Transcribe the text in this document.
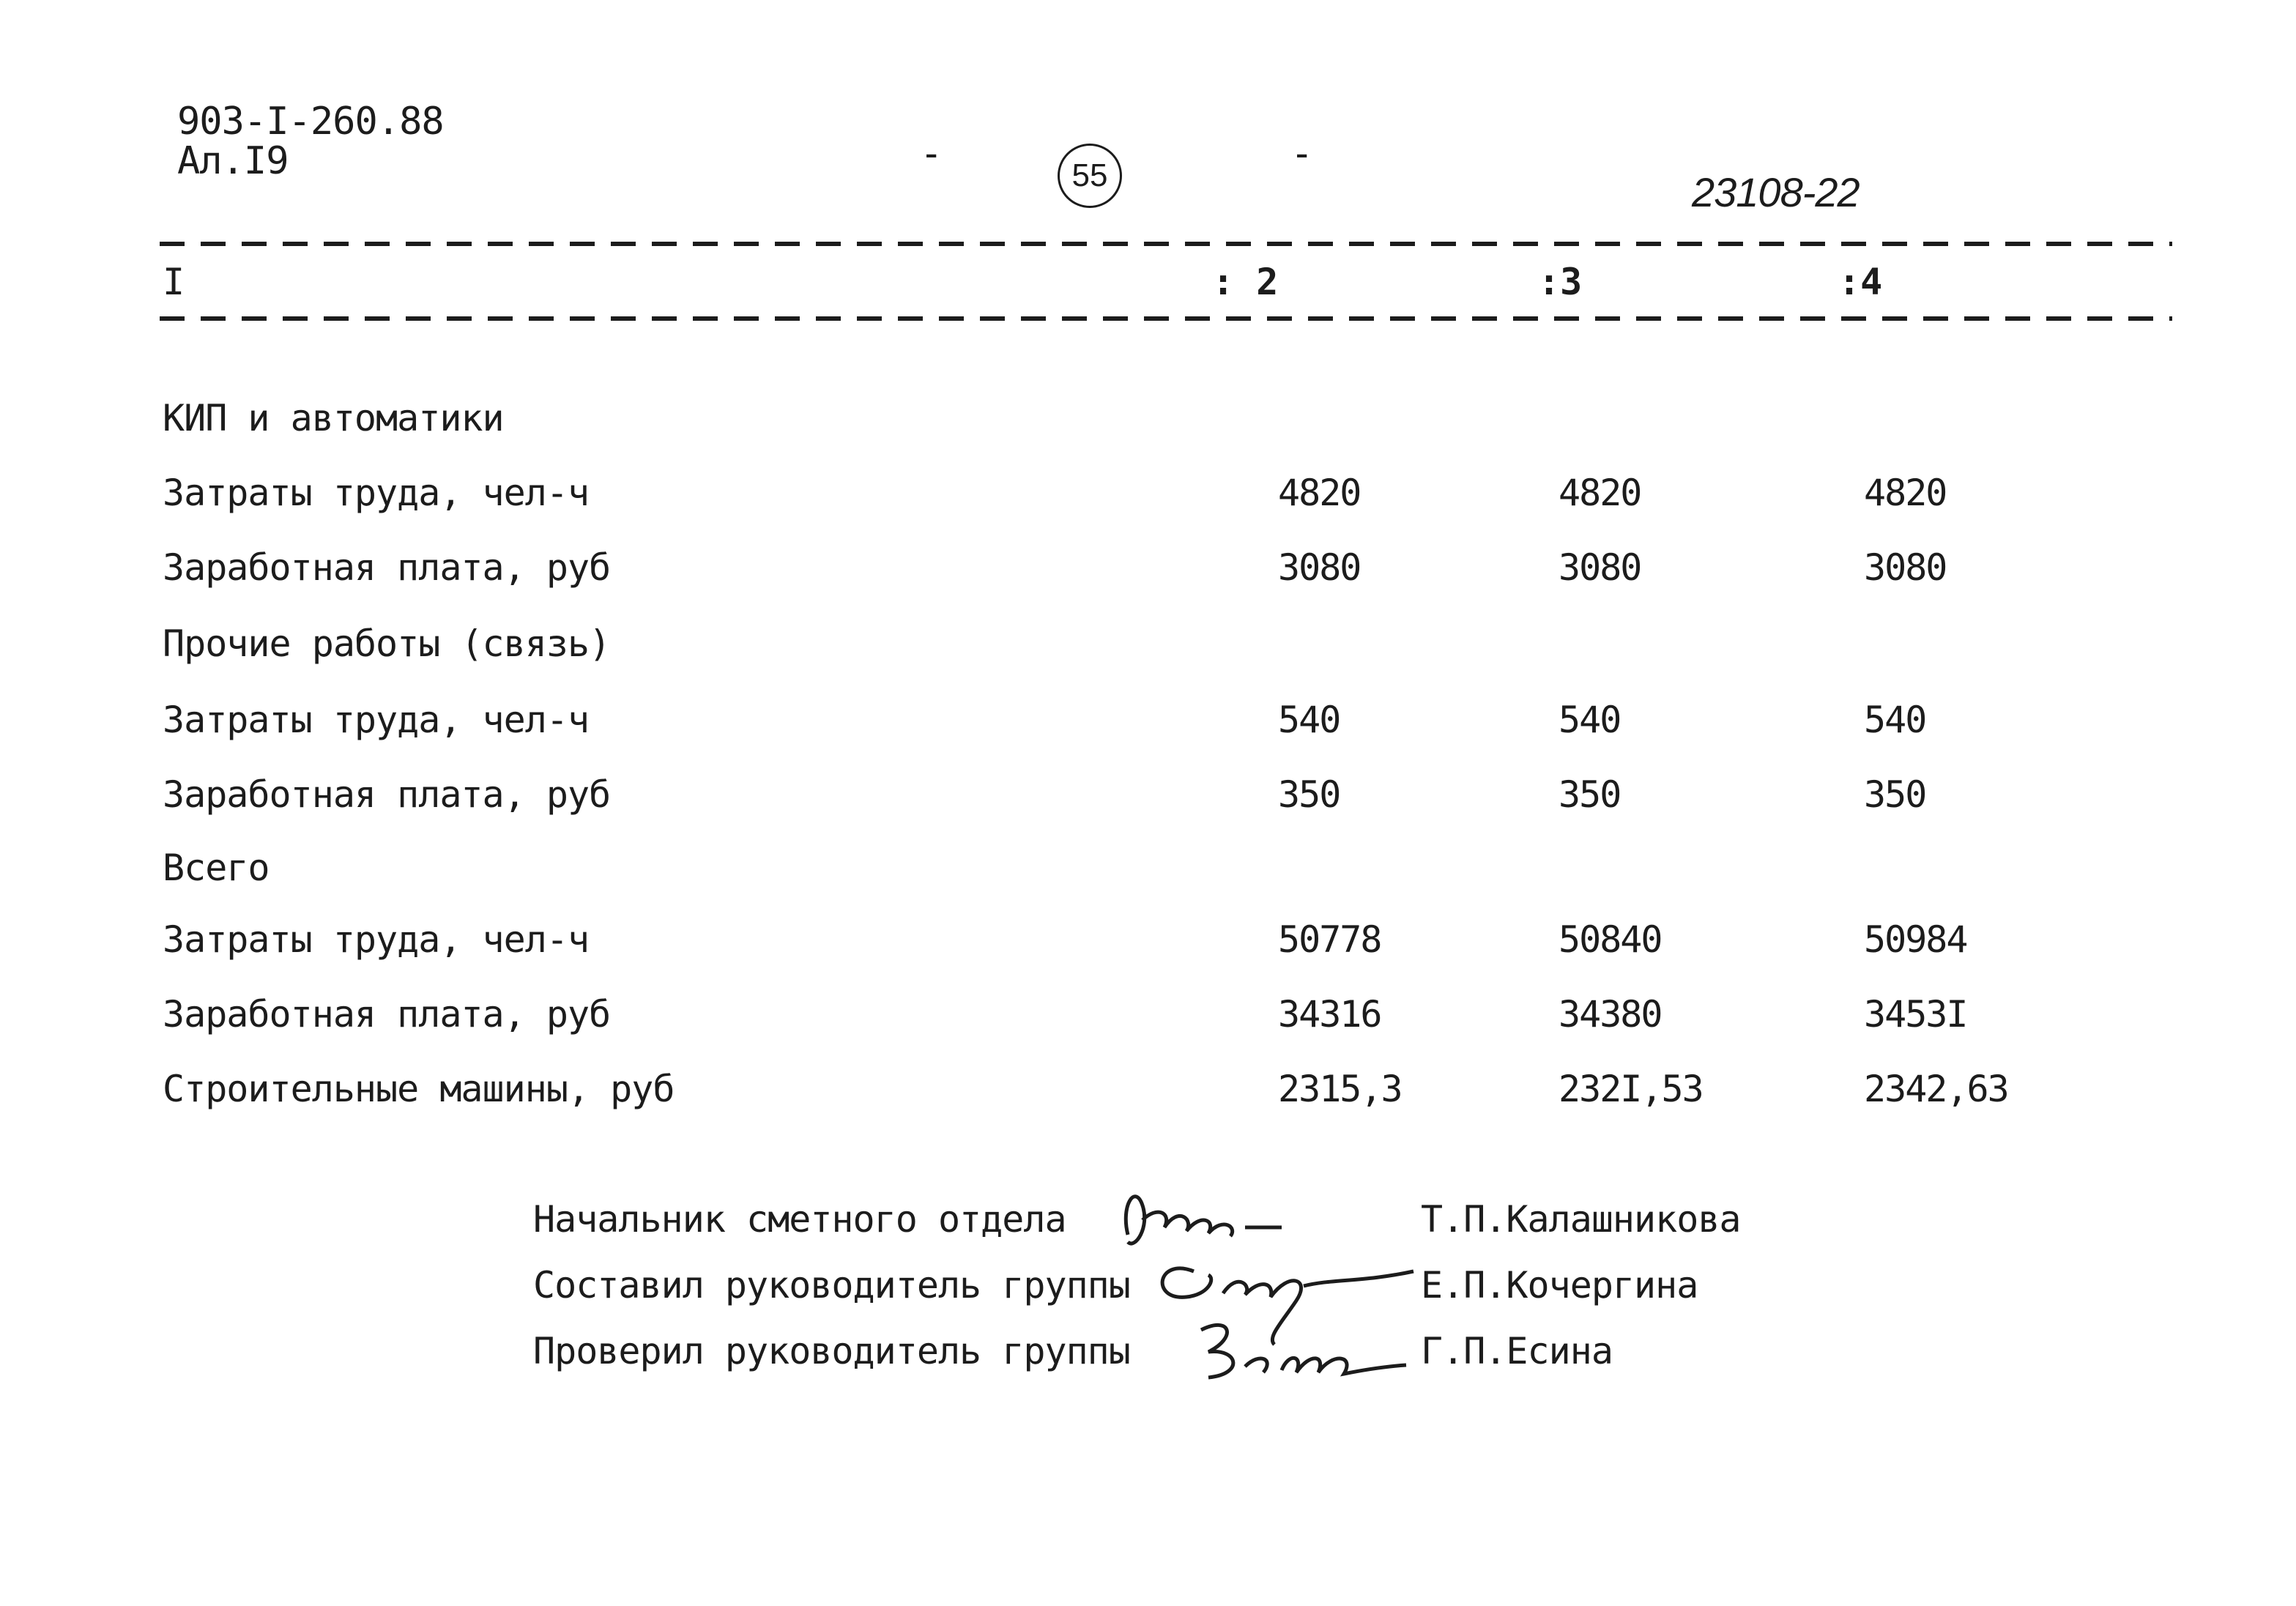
903-I-260.88
Ал.I9	-	55	-
23108-22
I	: 2	:3	:4
КИП и автоматики
Затраты труда, чел-ч	4820	4820	4820
Заработная плата, руб	3080	3080	3080
Прочие работы (связь)
Затраты труда, чел-ч	540	540	540
Заработная плата, руб	350	350	350
Всего
Затраты труда, чел-ч	50778	50840	50984
Заработная плата, руб	34316	34380	3453I
Строительные машины, руб	2315,3	232I,53	2342,63
Начальник сметного отдела	Т.П.Калашникова
Составил руководитель группы	Е.П.Кочергина
Проверил руководитель группы	Г.П.Есина
